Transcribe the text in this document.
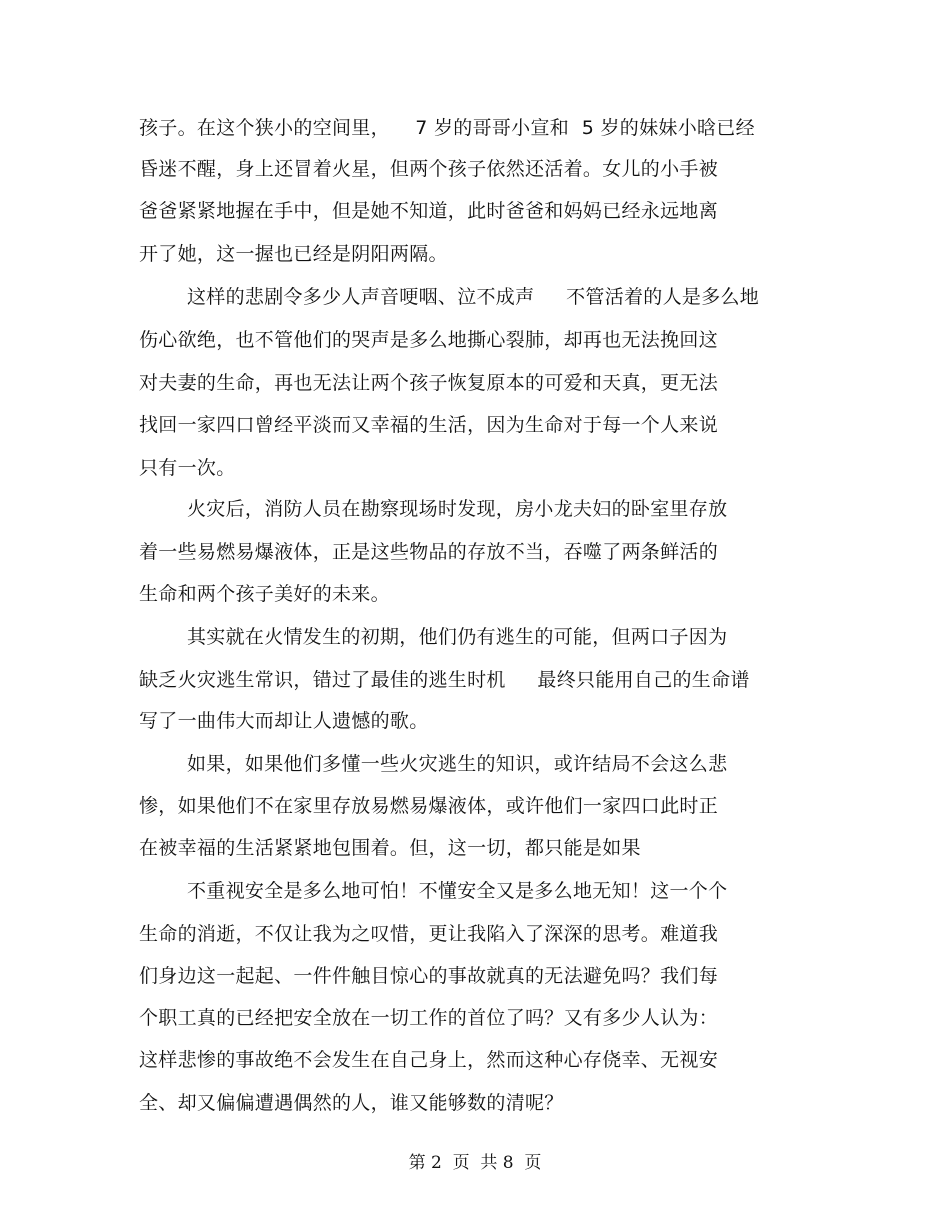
孩子。在这个狭小的空间里，    7 岁的哥哥小宣和  5 岁的妹妹小晗已经
昏迷不醒，身上还冒着火星，但两个孩子依然还活着。女儿的小手被
爸爸紧紧地握在手中，但是她不知道，此时爸爸和妈妈已经永远地离
开了她，这一握也已经是阴阳两隔。
这样的悲剧令多少人声音哽咽、泣不成声     不管活着的人是多么地
伤心欲绝，也不管他们的哭声是多么地撕心裂肺，却再也无法挽回这
对夫妻的生命，再也无法让两个孩子恢复原本的可爱和天真，更无法
找回一家四口曾经平淡而又幸福的生活，因为生命对于每一个人来说
只有一次。
火灾后，消防人员在勘察现场时发现，房小龙夫妇的卧室里存放
着一些易燃易爆液体，正是这些物品的存放不当，吞噬了两条鲜活的
生命和两个孩子美好的未来。
其实就在火情发生的初期，他们仍有逃生的可能，但两口子因为
缺乏火灾逃生常识，错过了最佳的逃生时机     最终只能用自己的生命谱
写了一曲伟大而却让人遗憾的歌。
如果，如果他们多懂一些火灾逃生的知识，或许结局不会这么悲
惨，如果他们不在家里存放易燃易爆液体，或许他们一家四口此时正
在被幸福的生活紧紧地包围着。但，这一切，都只能是如果
不重视安全是多么地可怕！不懂安全又是多么地无知！这一个个
生命的消逝，不仅让我为之叹惜，更让我陷入了深深的思考。难道我
们身边这一起起、一件件触目惊心的事故就真的无法避免吗？我们每
个职工真的已经把安全放在一切工作的首位了吗？又有多少人认为：
这样悲惨的事故绝不会发生在自己身上，然而这种心存侥幸、无视安
全、却又偏偏遭遇偶然的人，谁又能够数的清呢？
第 2  页  共 8  页
